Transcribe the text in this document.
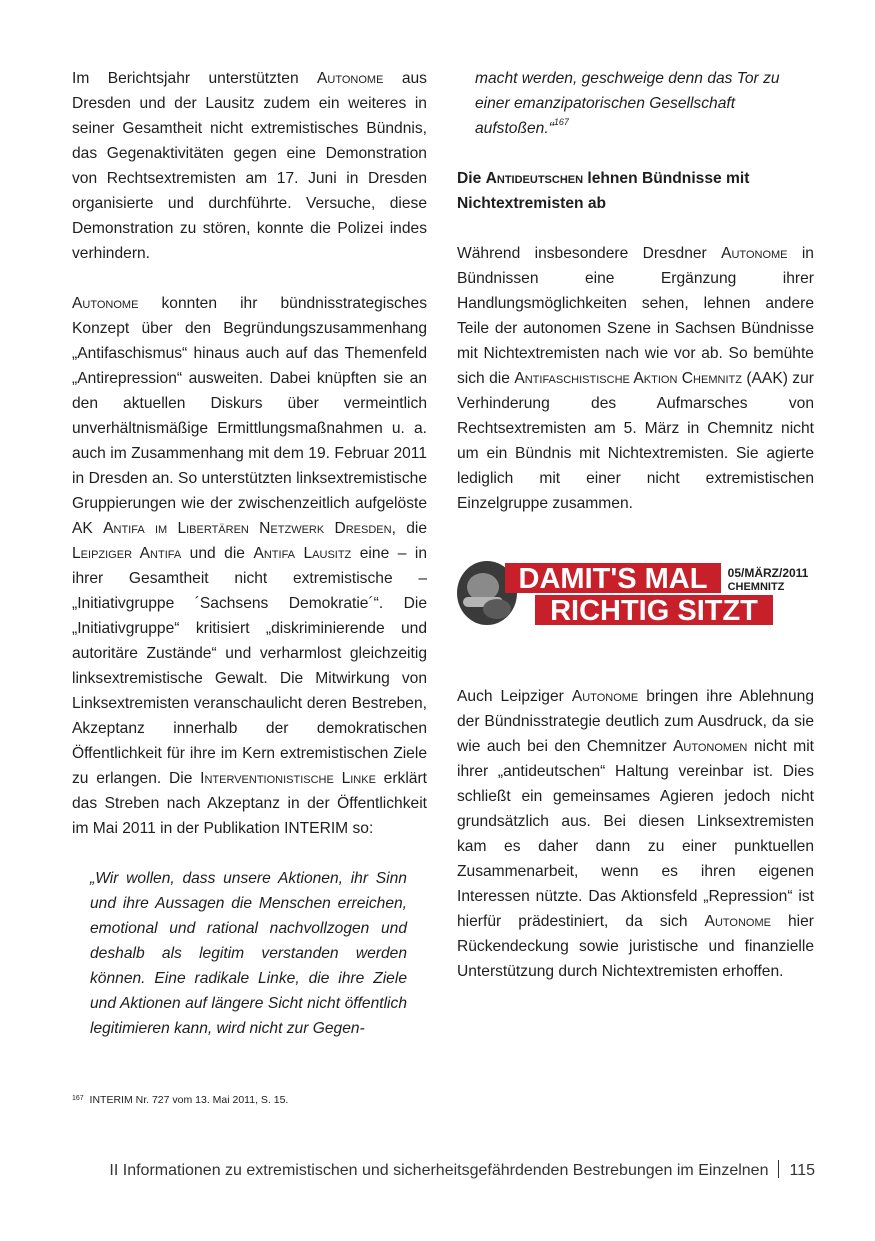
Im Berichtsjahr unterstützten Autonome aus Dresden und der Lausitz zudem ein weiteres in seiner Gesamtheit nicht extremistisches Bündnis, das Gegenaktivitäten gegen eine Demonstration von Rechtsextremisten am 17. Juni in Dresden organisierte und durchführte. Versuche, diese Demonstration zu stören, konnte die Polizei indes verhindern.

Autonome konnten ihr bündnisstrategisches Konzept über den Begründungszusammenhang „Antifaschismus“ hinaus auch auf das Themenfeld „Antirepression“ ausweiten. Dabei knüpften sie an den aktuellen Diskurs über vermeintlich unverhältnismäßige Ermittlungsmaßnahmen u. a. auch im Zusammenhang mit dem 19. Februar 2011 in Dresden an. So unterstützten linksextremistische Gruppierungen wie der zwischenzeitlich aufgelöste AK Antifa im Libertären Netzwerk Dresden, die Leipziger Antifa und die Antifa Lausitz eine – in ihrer Gesamtheit nicht extremistische – „Initiativgruppe ´Sachsens Demokratie´“. Die „Initiativgruppe“ kritisiert „diskriminierende und autoritäre Zustände“ und verharmlost gleichzeitig linksextremistische Gewalt. Die Mitwirkung von Linksextremisten veranschaulicht deren Bestreben, Akzeptanz innerhalb der demokratischen Öffentlichkeit für ihre im Kern extremistischen Ziele zu erlangen. Die Interventionistische Linke erklärt das Streben nach Akzeptanz in der Öffentlichkeit im Mai 2011 in der Publikation INTERIM so:

„Wir wollen, dass unsere Aktionen, ihr Sinn und ihre Aussagen die Menschen erreichen, emotional und rational nachvollzogen und deshalb als legitim verstanden werden können. Eine radikale Linke, die ihre Ziele und Aktionen auf längere Sicht nicht öffentlich legitimieren kann, wird nicht zur Gegen-

macht werden, geschweige denn das Tor zu einer emanzipatorischen Gesellschaft aufstoßen.“$^{167}$

Die Antideutschen lehnen Bündnisse mit Nichtextremisten ab

Während insbesondere Dresdner Autonome in Bündnissen eine Ergänzung ihrer Handlungsmöglichkeiten sehen, lehnen andere Teile der autonomen Szene in Sachsen Bündnisse mit Nichtextremisten nach wie vor ab. So bemühte sich die Antifaschistische Aktion Chemnitz (AAK) zur Verhinderung des Aufmarsches von Rechtsextremisten am 5. März in Chemnitz nicht um ein Bündnis mit Nichtextremisten. Sie agierte lediglich mit einer nicht extremistischen Einzelgruppe zusammen.

Auch Leipziger Autonome bringen ihre Ablehnung der Bündnisstrategie deutlich zum Ausdruck, da sie wie auch bei den Chemnitzer Autonomen nicht mit ihrer „antideutschen“ Haltung vereinbar ist. Dies schließt ein gemeinsames Agieren jedoch nicht grundsätzlich aus. Bei diesen Linksextremisten kam es daher dann zu einer punktuellen Zusammenarbeit, wenn es ihren eigenen Interessen nützte. Das Aktionsfeld „Repression“ ist hierfür prädestiniert, da sich Autonome hier Rückendeckung sowie juristische und finanzielle Unterstützung durch Nichtextremisten erhoffen.

DAMIT'S MAL
RICHTIG SITZT
05/MÄRZ/2011
CHEMNITZ
$^{167}$ INTERIM Nr. 727 vom 13. Mai 2011, S. 15.
II Informationen zu extremistischen und sicherheitsgefährdenden Bestrebungen im Einzelnen 115
